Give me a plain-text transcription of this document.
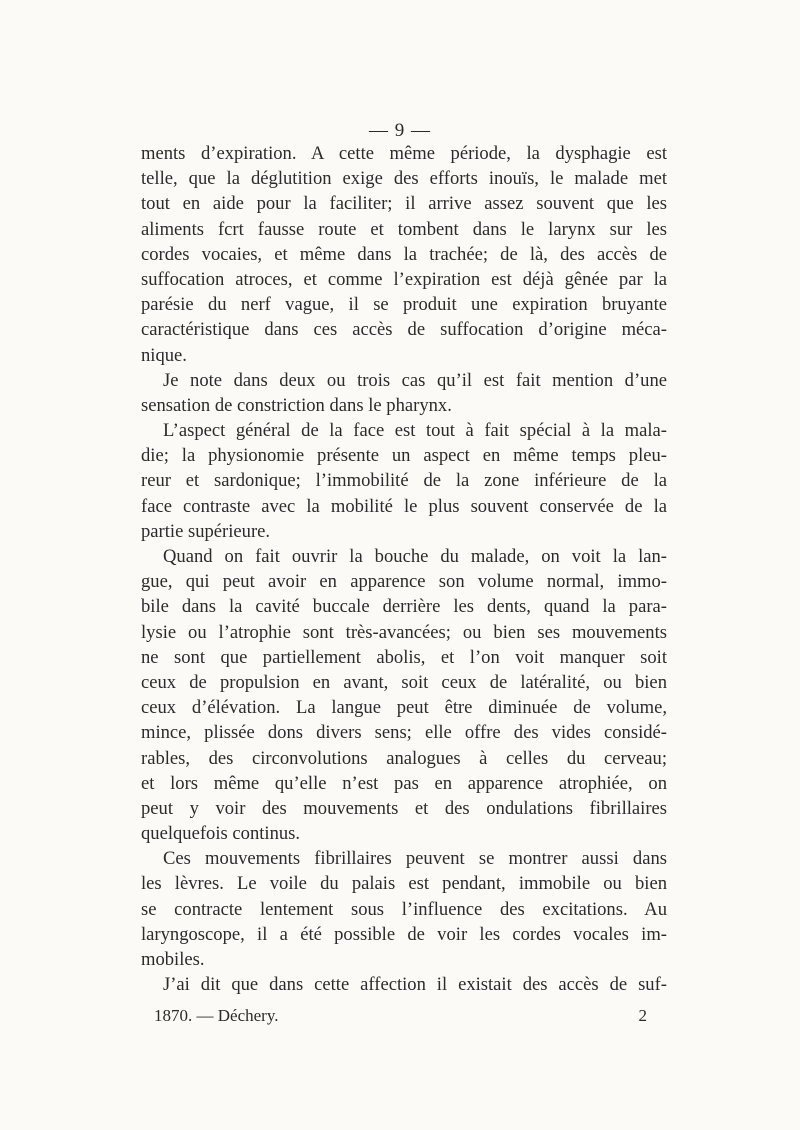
— 9 —
ments d’expiration. A cette même période, la dysphagie est
telle, que la déglutition exige des efforts inouïs, le malade met
tout en aide pour la faciliter; il arrive assez souvent que les
aliments fcrt fausse route et tombent dans le larynx sur les
cordes vocaies, et même dans la trachée; de là, des accès de
suffocation atroces, et comme l’expiration est déjà gênée par la
parésie du nerf vague, il se produit une expiration bruyante
caractéristique dans ces accès de suffocation d’origine méca-
nique.
Je note dans deux ou trois cas qu’il est fait mention d’une
sensation de constriction dans le pharynx.
L’aspect général de la face est tout à fait spécial à la mala-
die; la physionomie présente un aspect en même temps pleu-
reur et sardonique; l’immobilité de la zone inférieure de la
face contraste avec la mobilité le plus souvent conservée de la
partie supérieure.
Quand on fait ouvrir la bouche du malade, on voit la lan-
gue, qui peut avoir en apparence son volume normal, immo-
bile dans la cavité buccale derrière les dents, quand la para-
lysie ou l’atrophie sont très-avancées; ou bien ses mouvements
ne sont que partiellement abolis, et l’on voit manquer soit
ceux de propulsion en avant, soit ceux de latéralité, ou bien
ceux d’élévation. La langue peut être diminuée de volume,
mince, plissée dons divers sens; elle offre des vides considé-
rables, des circonvolutions analogues à celles du cerveau;
et lors même qu’elle n’est pas en apparence atrophiée, on
peut y voir des mouvements et des ondulations fibrillaires
quelquefois continus.
Ces mouvements fibrillaires peuvent se montrer aussi dans
les lèvres. Le voile du palais est pendant, immobile ou bien
se contracte lentement sous l’influence des excitations. Au
laryngoscope, il a été possible de voir les cordes vocales im-
mobiles.
J’ai dit que dans cette affection il existait des accès de suf-
1870. — Déchery.	2
